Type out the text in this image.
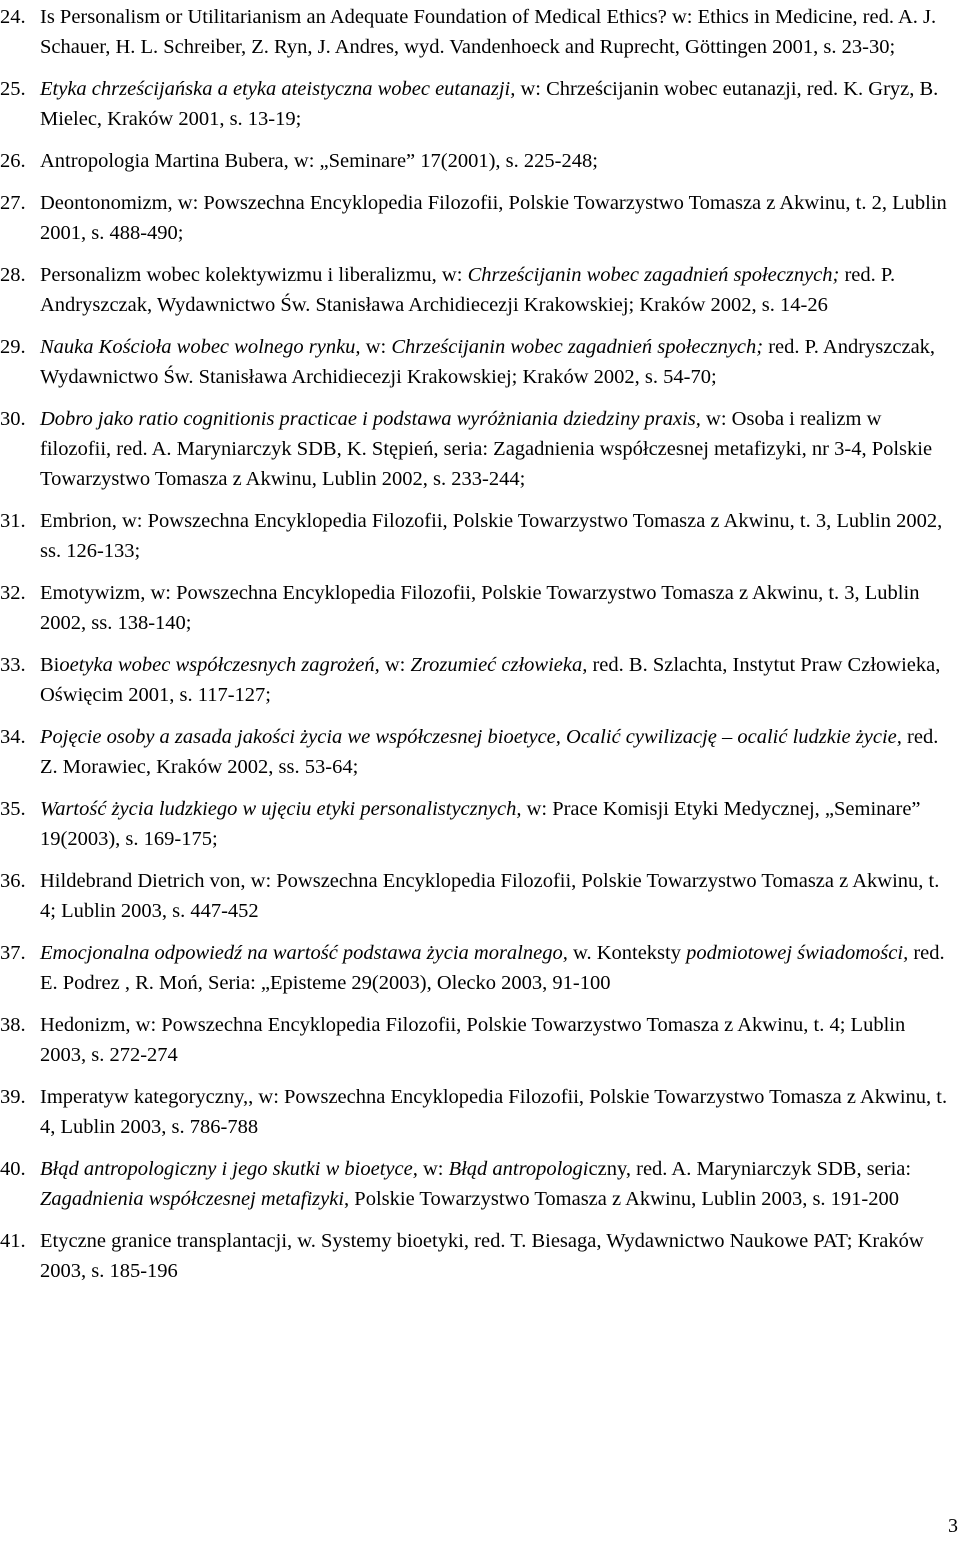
24. Is Personalism or Utilitarianism an Adequate Foundation of Medical Ethics? w: Ethics in Medicine, red. A. J. Schauer, H. L. Schreiber, Z. Ryn, J. Andres, wyd. Vandenhoeck and Ruprecht, Göttingen 2001, s. 23-30;
25. Etyka chrześcijańska a etyka ateistyczna wobec eutanazji, w: Chrześcijanin wobec eutanazji, red. K. Gryz, B. Mielec, Kraków 2001, s. 13-19;
26. Antropologia Martina Bubera, w: „Seminare” 17(2001), s. 225-248;
27. Deontonomizm, w: Powszechna Encyklopedia Filozofii, Polskie Towarzystwo Tomasza z Akwinu, t. 2, Lublin 2001, s. 488-490;
28. Personalizm wobec kolektywizmu i liberalizmu, w: Chrześcijanin wobec zagadnień społecznych; red. P. Andryszczak, Wydawnictwo Św. Stanisława Archidiecezji Krakowskiej; Kraków 2002, s. 14-26
29. Nauka Kościoła wobec wolnego rynku, w: Chrześcijanin wobec zagadnień społecznych; red. P. Andryszczak, Wydawnictwo Św. Stanisława Archidiecezji Krakowskiej; Kraków 2002, s. 54-70;
30. Dobro jako ratio cognitionis practicae i podstawa wyróżniania dziedziny praxis, w: Osoba i realizm w filozofii, red. A. Maryniarczyk SDB, K. Stępień, seria: Zagadnienia współczesnej metafizyki, nr 3-4, Polskie Towarzystwo Tomasza z Akwinu, Lublin 2002, s. 233-244;
31. Embrion, w: Powszechna Encyklopedia Filozofii, Polskie Towarzystwo Tomasza z Akwinu, t. 3, Lublin 2002, ss. 126-133;
32. Emotywizm, w: Powszechna Encyklopedia Filozofii, Polskie Towarzystwo Tomasza z Akwinu, t. 3, Lublin 2002, ss. 138-140;
33. Bioetyka wobec współczesnych zagrożeń, w: Zrozumieć człowieka, red. B. Szlachta, Instytut Praw Człowieka, Oświęcim 2001, s. 117-127;
34. Pojęcie osoby a zasada jakości życia we współczesnej bioetyce, Ocalić cywilizację – ocalić ludzkie życie, red. Z. Morawiec, Kraków 2002, ss. 53-64;
35. Wartość życia ludzkiego w ujęciu etyki personalistycznych, w: Prace Komisji Etyki Medycznej, „Seminare” 19(2003), s. 169-175;
36. Hildebrand Dietrich von, w: Powszechna Encyklopedia Filozofii, Polskie Towarzystwo Tomasza z Akwinu, t. 4; Lublin 2003, s. 447-452
37. Emocjonalna odpowiedź na wartość podstawa życia moralnego, w. Konteksty podmiotowej świadomości, red. E. Podrez , R. Moń, Seria: „Episteme 29(2003), Olecko 2003, 91-100
38. Hedonizm, w: Powszechna Encyklopedia Filozofii, Polskie Towarzystwo Tomasza z Akwinu, t. 4; Lublin 2003, s. 272-274
39. Imperatyw kategoryczny,, w: Powszechna Encyklopedia Filozofii, Polskie Towarzystwo Tomasza z Akwinu, t. 4, Lublin 2003, s. 786-788
40. Błąd antropologiczny i jego skutki w bioetyce, w: Błąd antropologiczny, red. A. Maryniarczyk SDB, seria: Zagadnienia współczesnej metafizyki, Polskie Towarzystwo Tomasza z Akwinu, Lublin 2003, s. 191-200
41. Etyczne granice transplantacji, w. Systemy bioetyki, red. T. Biesaga, Wydawnictwo Naukowe PAT; Kraków 2003, s. 185-196
3
